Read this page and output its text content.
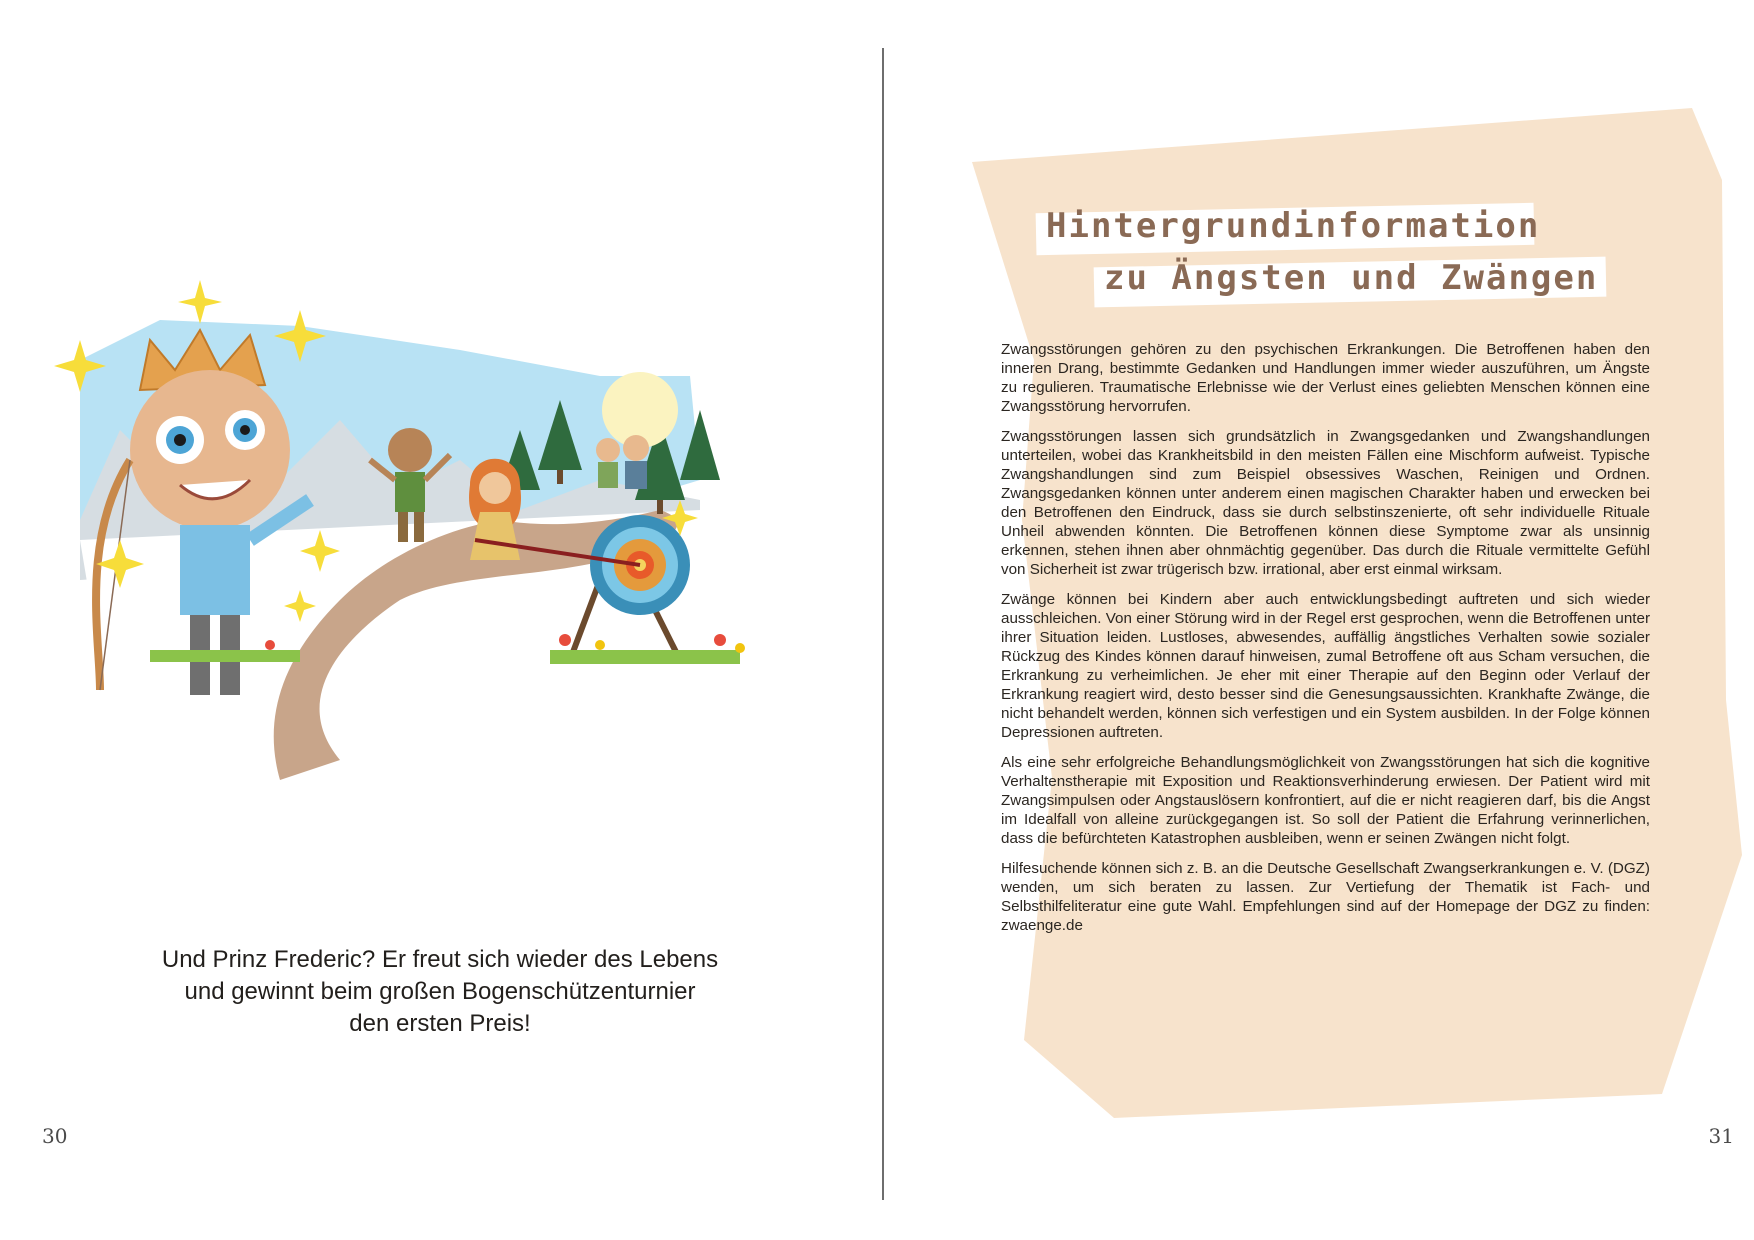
Und Prinz Frederic? Er freut sich wieder des Lebens
und gewinnt beim großen Bogenschützenturnier
den ersten Preis!
30
Hintergrundinformation
zu Ängsten und Zwängen

Zwangsstörungen gehören zu den psychischen Erkrankungen. Die Betroffenen haben den inneren Drang, bestimmte Gedanken und Handlungen immer wieder auszuführen, um Ängste zu regulieren. Traumatische Erlebnisse wie der Verlust eines geliebten Menschen können eine Zwangsstörung hervorrufen.

Zwangsstörungen lassen sich grundsätzlich in Zwangsgedanken und Zwangshandlungen unterteilen, wobei das Krankheitsbild in den meisten Fällen eine Mischform aufweist. Typische Zwangshandlungen sind zum Beispiel obsessives Waschen, Reinigen und Ordnen. Zwangsgedanken können unter anderem einen magischen Charakter haben und erwecken bei den Betroffenen den Eindruck, dass sie durch selbstinszenierte, oft sehr individuelle Rituale Unheil abwenden könnten. Die Betroffenen können diese Symptome zwar als unsinnig erkennen, stehen ihnen aber ohnmächtig gegenüber. Das durch die Rituale vermittelte Gefühl von Sicherheit ist zwar trügerisch bzw. irrational, aber erst einmal wirksam.

Zwänge können bei Kindern aber auch entwicklungsbedingt auftreten und sich wieder ausschleichen. Von einer Störung wird in der Regel erst gesprochen, wenn die Betroffenen unter ihrer Situation leiden. Lustloses, abwesendes, auffällig ängstliches Verhalten sowie sozialer Rückzug des Kindes können darauf hinweisen, zumal Betroffene oft aus Scham versuchen, die Erkrankung zu verheimlichen. Je eher mit einer Therapie auf den Beginn oder Verlauf der Erkrankung reagiert wird, desto besser sind die Genesungsaussichten. Krankhafte Zwänge, die nicht behandelt werden, können sich verfestigen und ein System ausbilden. In der Folge können Depressionen auftreten.

Als eine sehr erfolgreiche Behandlungsmöglichkeit von Zwangsstörungen hat sich die kognitive Verhaltenstherapie mit Exposition und Reaktionsverhinderung erwiesen. Der Patient wird mit Zwangsimpulsen oder Angstauslösern konfrontiert, auf die er nicht reagieren darf, bis die Angst im Idealfall von alleine zurückgegangen ist. So soll der Patient die Erfahrung verinnerlichen, dass die befürchteten Katastrophen ausbleiben, wenn er seinen Zwängen nicht folgt.

Hilfesuchende können sich z. B. an die Deutsche Gesellschaft Zwangserkrankungen e. V. (DGZ) wenden, um sich beraten zu lassen. Zur Vertiefung der Thematik ist Fach- und Selbsthilfeliteratur eine gute Wahl. Empfehlungen sind auf der Homepage der DGZ zu finden: zwaenge.de

31
